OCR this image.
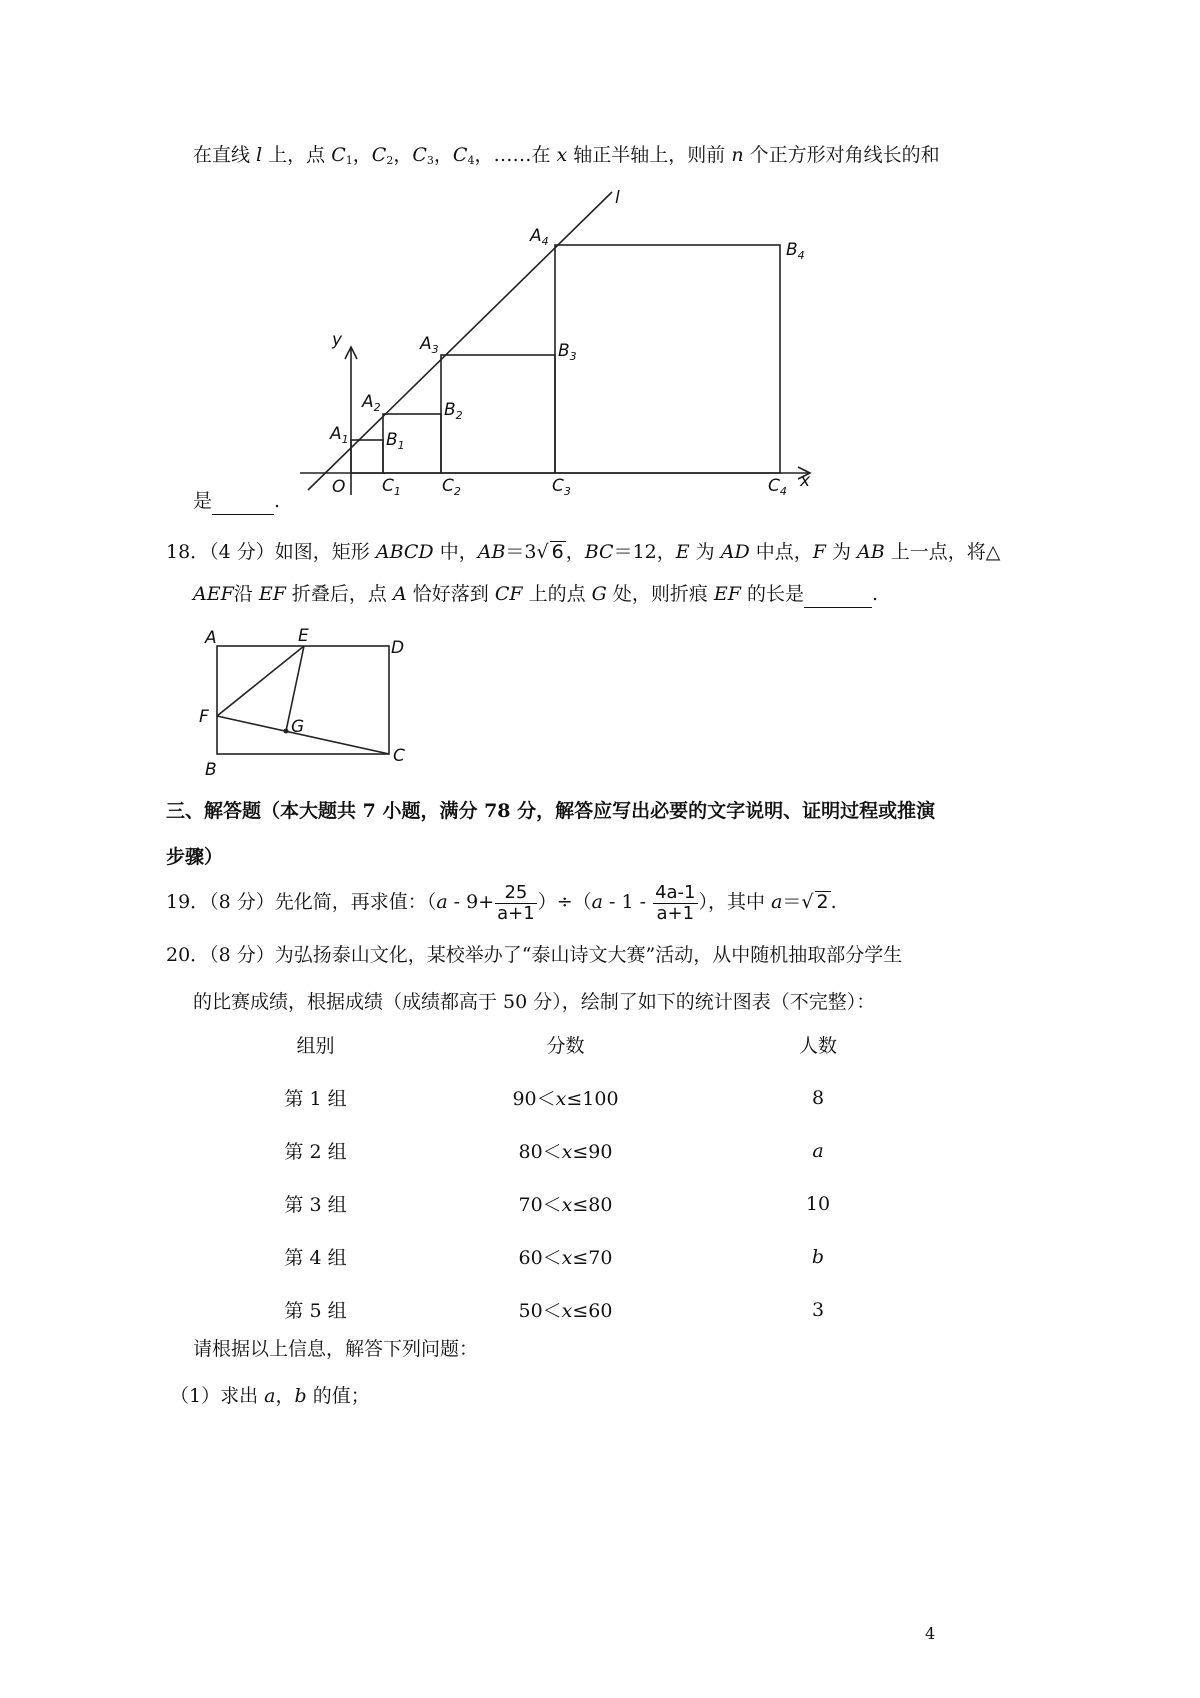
在直线 l 上，点 $C_1$，$C_2$，$C_3$，$C_4$，……在 x 轴正半轴上，则前 n 个正方形对角线长的和
l
y
x
O
$A_1$
$A_2$
$A_3$
$A_4$
$B_1$
$B_2$
$B_3$
$B_4$
$C_1$ $C_2$	$C_3$	$C_4$
是	.
18．（4 分）如图，矩形 ABCD 中，AB＝3√ 6 ，BC＝12，E 为 AD 中点，F 为 AB 上一点，将△
AEF沿 EF 折叠后，点 A 恰好落到 CF 上的点 G 处，则折痕 EF 的长是	.
A	E
D
F	G
B
C
三、解答题（本大题共 7 小题，满分 78 分，解答应写出必要的文字说明、证明过程或推演
步骤）
19．（8 分）先化简，再求值：$(a - 9+ \frac{25}{a+1} )\div(a - 1 - \frac{4a-1}{a+1}$ ），其中 a＝√ 2 .
20．（8 分）为弘扬泰山文化，某校举办了“泰山诗文大赛”活动，从中随机抽取部分学生
的比赛成绩，根据成绩（成绩都高于 50 分），绘制了如下的统计图表（不完整）：
组别	分数	人数
第 1 组	90＜x≤100	8
第 2 组	80＜x≤90	a
第 3 组	70＜x≤80	10
第 4 组	60＜x≤70	b
第 5 组	50＜x≤60	3
请根据以上信息，解答下列问题：
（1）求出 a，b 的值；
4
